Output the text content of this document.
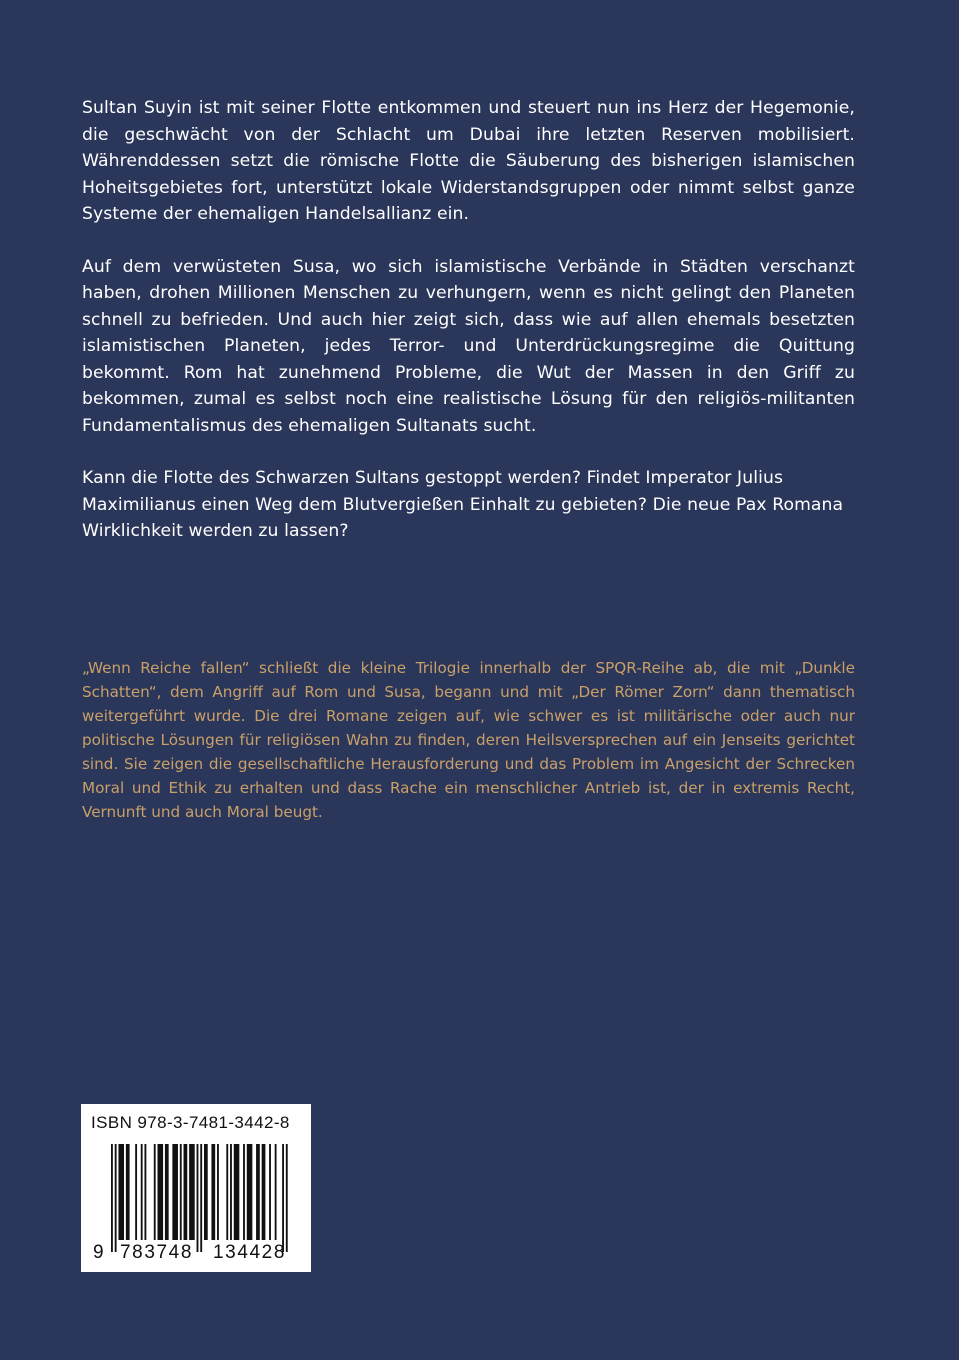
Sultan Suyin ist mit seiner Flotte entkommen und steuert nun ins Herz der Hegemonie, die geschwächt von der Schlacht um Dubai ihre letzten Reserven mobilisiert. Währenddessen setzt die römische Flotte die Säuberung des bisherigen islamischen Hoheitsgebietes fort, unterstützt lokale Widerstandsgruppen oder nimmt selbst ganze Systeme der ehemaligen Handelsallianz ein.

Auf dem verwüsteten Susa, wo sich islamistische Verbände in Städten verschanzt haben, drohen Millionen Menschen zu verhungern, wenn es nicht gelingt den Planeten schnell zu befrieden. Und auch hier zeigt sich, dass wie auf allen ehemals besetzten islamistischen Planeten, jedes Terror- und Unterdrückungsregime die Quittung bekommt. Rom hat zunehmend Probleme, die Wut der Massen in den Griff zu bekommen, zumal es selbst noch eine realistische Lösung für den religiös-militanten Fundamentalismus des ehemaligen Sultanats sucht.

Kann die Flotte des Schwarzen Sultans gestoppt werden? Findet Imperator Julius Maximilianus einen Weg dem Blutvergießen Einhalt zu gebieten? Die neue Pax Romana Wirklichkeit werden zu lassen?

„Wenn Reiche fallen“ schließt die kleine Trilogie innerhalb der SPQR-Reihe ab, die mit „Dunkle Schatten“, dem Angriff auf Rom und Susa, begann und mit „Der Römer Zorn“ dann thematisch weitergeführt wurde. Die drei Romane zeigen auf, wie schwer es ist militärische oder auch nur politische Lösungen für religiösen Wahn zu finden, deren Heilsversprechen auf ein Jenseits gerichtet sind. Sie zeigen die gesellschaftliche Herausforderung und das Problem im Angesicht der Schrecken Moral und Ethik zu erhalten und dass Rache ein menschlicher Antrieb ist, der in extremis Recht, Vernunft und auch Moral beugt.

ISBN 978-3-7481-3442-8
9 783748 134428
